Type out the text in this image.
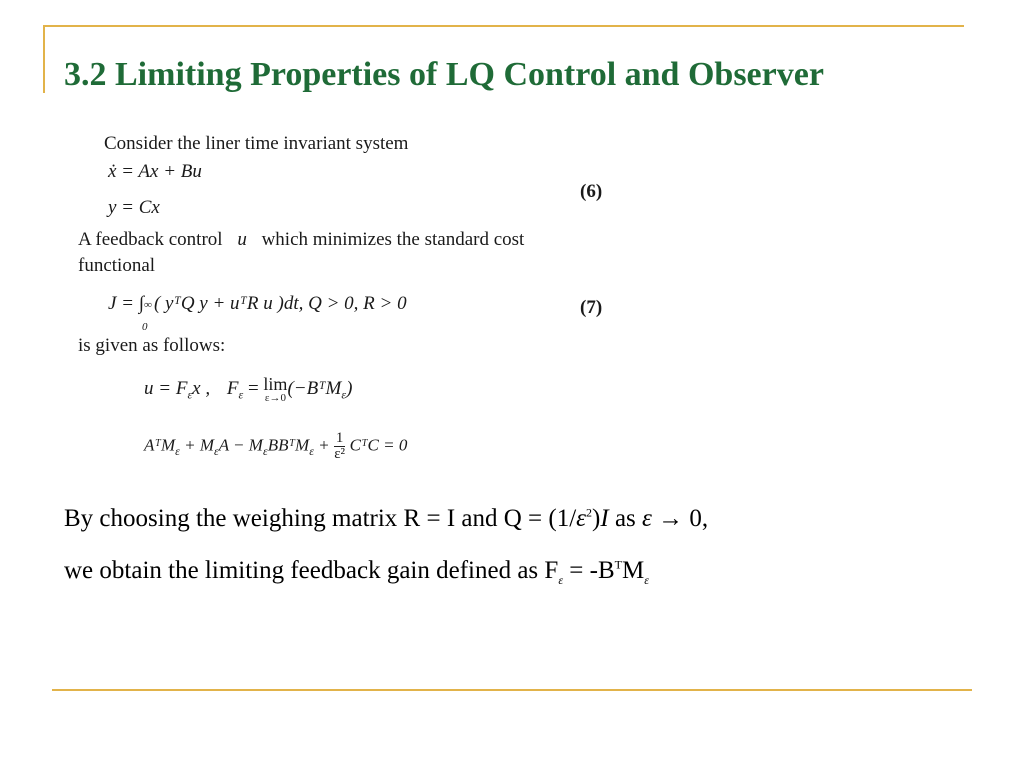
3.2 Limiting Properties of LQ Control and Observer
Consider the liner time invariant system
ẋ = Ax + Bu
y = Cx
(6)
A feedback control u which minimizes the standard cost
functional
J = ∫ ∞
0
( yᵀQ y + uᵀR u )dt, Q > 0, R > 0	(7)
is given as follows:
$u = F_\varepsilon x$ , $F_\varepsilon = \lim$
ε→0 (−BᵀM$_\varepsilon$)
AᵀM$_\varepsilon$ + $M_\varepsilon A$ − $M_\varepsilon BBᵀM_\varepsilon + \frac{1}{\text{ε²}}$ CᵀC = 0
By choosing the weighing matrix R = I and $Q = (1/\varepsilon^2)I$ as ε → 0,
we obtain the limiting feedback gain defined as $F_\varepsilon = -B^TM_\varepsilon$
